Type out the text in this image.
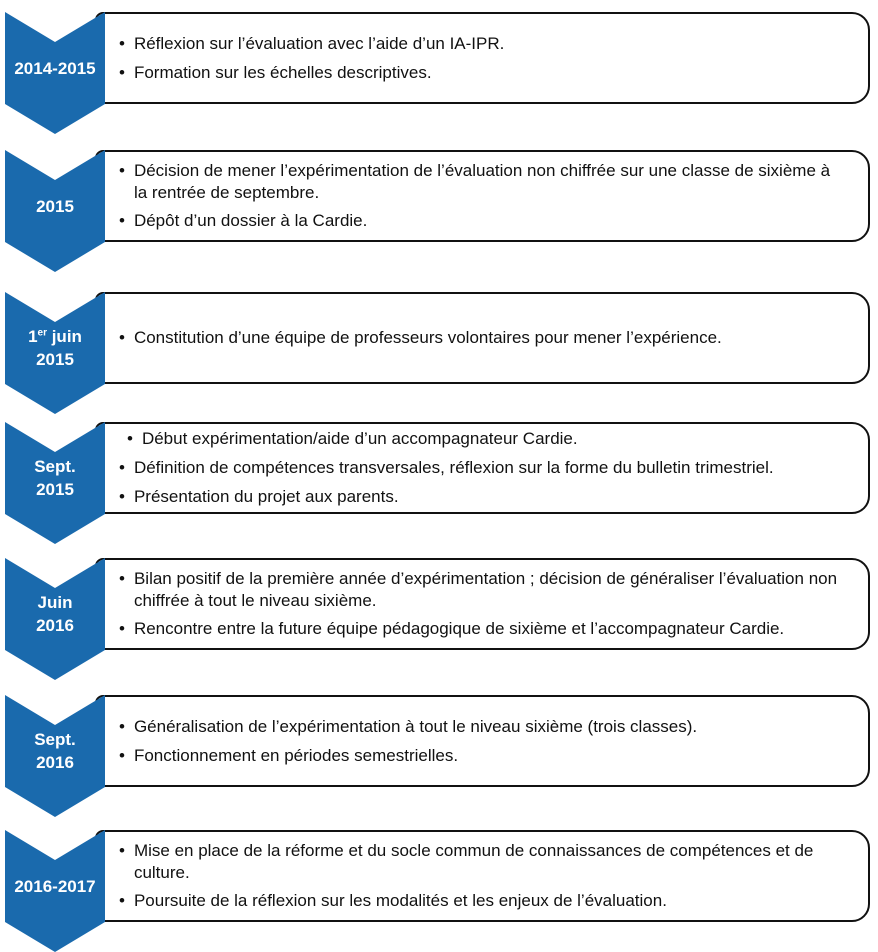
• Réflexion sur l’évaluation avec l’aide d’un IA-IPR.
• Formation sur les échelles descriptives.
2014-2015
• Décision de mener l’expérimentation de l’évaluation non chiffrée sur une classe de sixième à la rentrée de septembre.
• Dépôt d’un dossier à la Cardie.
2015
• Constitution d’une équipe de professeurs volontaires pour mener l’expérience.
1er juin
2015
• Début expérimentation/aide d’un accompagnateur Cardie.
• Définition de compétences transversales, réflexion sur la forme du bulletin trimestriel.
• Présentation du projet aux parents.
Sept.
2015
• Bilan positif de la première année d’expérimentation ; décision de généraliser l’évaluation non chiffrée à tout le niveau sixième.
• Rencontre entre la future équipe pédagogique de sixième et l’accompagnateur Cardie.
Juin
2016
• Généralisation de l’expérimentation à tout le niveau sixième (trois classes).
• Fonctionnement en périodes semestrielles.
Sept.
2016
• Mise en place de la réforme et du socle commun de connaissances de compétences et de culture.
• Poursuite de la réflexion sur les modalités et les enjeux de l’évaluation.
2016-2017
